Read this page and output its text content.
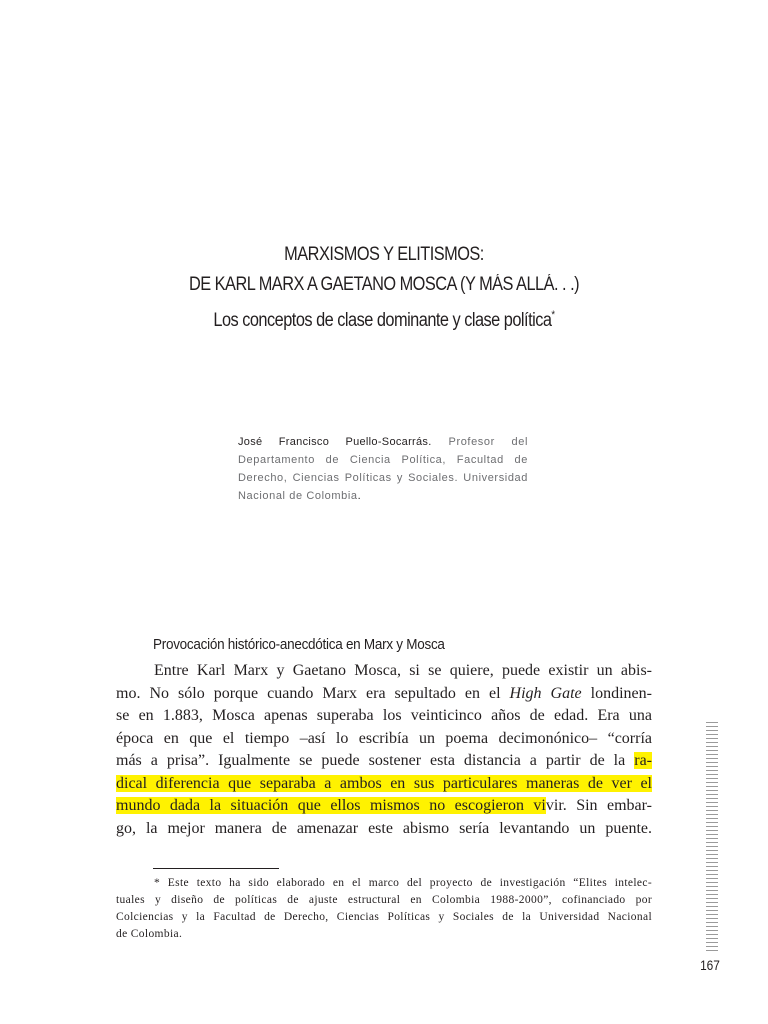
MARXISMOS Y ELITISMOS:
DE KARL MARX A GAETANO MOSCA (Y MÁS ALLÁ. . .)
Los conceptos de clase dominante y clase política*
José Francisco Puello-Socarrás. Profesor del Departamento de Ciencia Política, Facultad de Derecho, Ciencias Políticas y Sociales. Universidad Nacional de Colombia.
Provocación histórico-anecdótica en Marx y Mosca
Entre Karl Marx y Gaetano Mosca, si se quiere, puede existir un abis-
mo. No sólo porque cuando Marx era sepultado en el High Gate londinen-
se en 1.883, Mosca apenas superaba los veinticinco años de edad. Era una
época en que el tiempo –así lo escribía un poema decimonónico– “corría
más a prisa”. Igualmente se puede sostener esta distancia a partir de la ra-
dical diferencia que separaba a ambos en sus particulares maneras de ver el
mundo dada la situación que ellos mismos no escogieron vivir. Sin embar-
go, la mejor manera de amenazar este abismo sería levantando un puente.
* Este texto ha sido elaborado en el marco del proyecto de investigación “Elites intelec-
tuales y diseño de políticas de ajuste estructural en Colombia 1988-2000”, cofinanciado por
Colciencias y la Facultad de Derecho, Ciencias Políticas y Sociales de la Universidad Nacional
de Colombia.
167
